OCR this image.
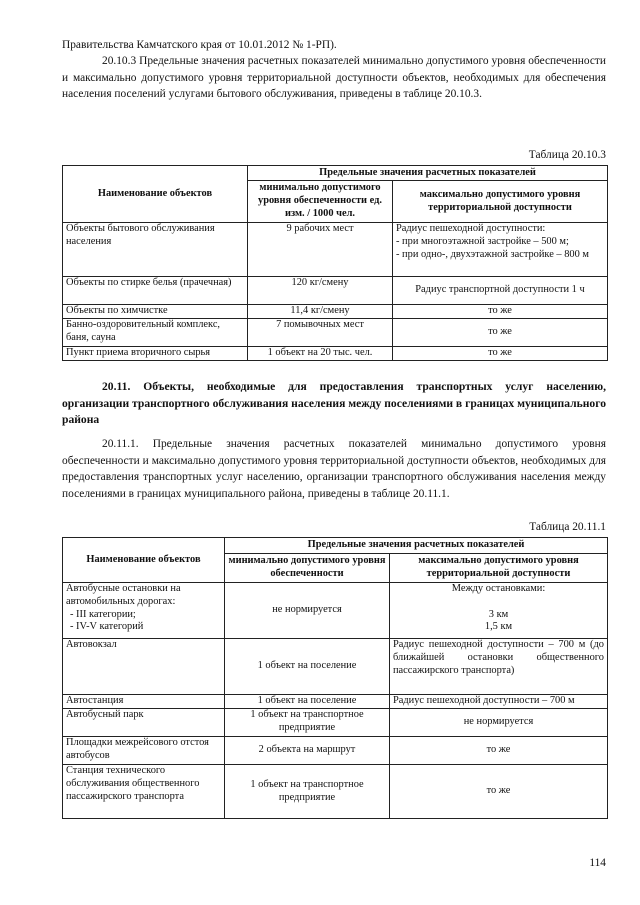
Правительства Камчатского края от 10.01.2012 № 1-РП).

20.10.3 Предельные значения расчетных показателей минимально допустимого уровня обеспеченности и максимально допустимого уровня территориальной доступности объектов, необходимых для обеспечения населения поселений услугами бытового обслуживания, приведены в таблице 20.10.3.

Таблица 20.10.3
Наименование объектов	Предельные значения расчетных показателей	
	минимально допустимого уровня обеспеченности ед. изм. / 1000 чел.	максимально допустимого уровня территориальной доступности
Объекты бытового обслуживания населения	9 рабочих мест	Радиус пешеходной доступности:
- при многоэтажной застройке – 500 м;
- при одно-, двухэтажной застройке – 800 м

Объекты по стирке белья (прачечная)	120 кг/смену	Радиус транспортной доступности 1 ч
Объекты по химчистке	11,4 кг/смену	то же
Банно-оздоровительный комплекс, баня, сауна	7 помывочных мест	то же
Пункт приема вторичного сырья	1 объект на 20 тыс. чел.	то же

20.11. Объекты, необходимые для предоставления транспортных услуг населению, организации транспортного обслуживания населения между поселениями в границах муниципального района

20.11.1. Предельные значения расчетных показателей минимально допустимого уровня обеспеченности и максимально допустимого уровня территориальной доступности объектов, необходимых для предоставления транспортных услуг населению, организации транспортного обслуживания населения между поселениями в границах муниципального района, приведены в таблице 20.11.1.

Таблица 20.11.1
Наименование объектов	Предельные значения расчетных показателей	
	минимально допустимого уровня обеспеченности	максимально допустимого уровня территориальной доступности

Автобусные остановки на автомобильных дорогах:
- III категории;
- IV-V категорий	не нормируется	Между остановками:
3 км
1,5 км

Автовокзал	1 объект на поселение	Радиус пешеходной доступности – 700 м (до ближайшей остановки общественного пассажирского транспорта)
Автостанция	1 объект на поселение	Радиус пешеходной доступности – 700 м
Автобусный парк	1 объект на транспортное предприятие	не нормируется
Площадки межрейсового отстоя автобусов	2 объекта на маршрут	то же
Станция технического обслуживания общественного пассажирского транспорта	1 объект на транспортное предприятие	то же
114
